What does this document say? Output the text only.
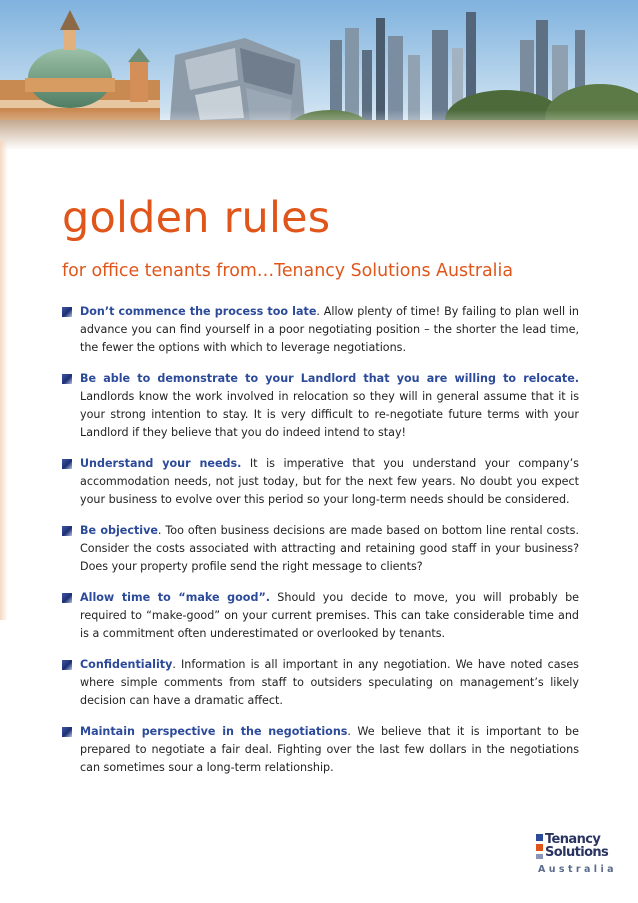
golden rules
for office tenants from…Tenancy Solutions Australia
Don’t commence the process too late. Allow plenty of time! By failing to plan well in advance you can find yourself in a poor negotiating position – the shorter the lead time, the fewer the options with which to leverage negotiations.
Be able to demonstrate to your Landlord that you are willing to relocate. Landlords know the work involved in relocation so they will in general assume that it is your strong intention to stay. It is very difficult to re-negotiate future terms with your Landlord if they believe that you do indeed intend to stay!
Understand your needs. It is imperative that you understand your company’s accommodation needs, not just today, but for the next few years. No doubt you expect your business to evolve over this period so your long-term needs should be considered.
Be objective. Too often business decisions are made based on bottom line rental costs. Consider the costs associated with attracting and retaining good staff in your business? Does your property profile send the right message to clients?
Allow time to “make good”. Should you decide to move, you will probably be required to “make-good” on your current premises. This can take considerable time and is a commitment often underestimated or overlooked by tenants.
Confidentiality. Information is all important in any negotiation. We have noted cases where simple comments from staff to outsiders speculating on management’s likely decision can have a dramatic affect.
Maintain perspective in the negotiations. We believe that it is important to be prepared to negotiate a fair deal. Fighting over the last few dollars in the negotiations can sometimes sour a long-term relationship.
Tenancy
Solutions
Australia
